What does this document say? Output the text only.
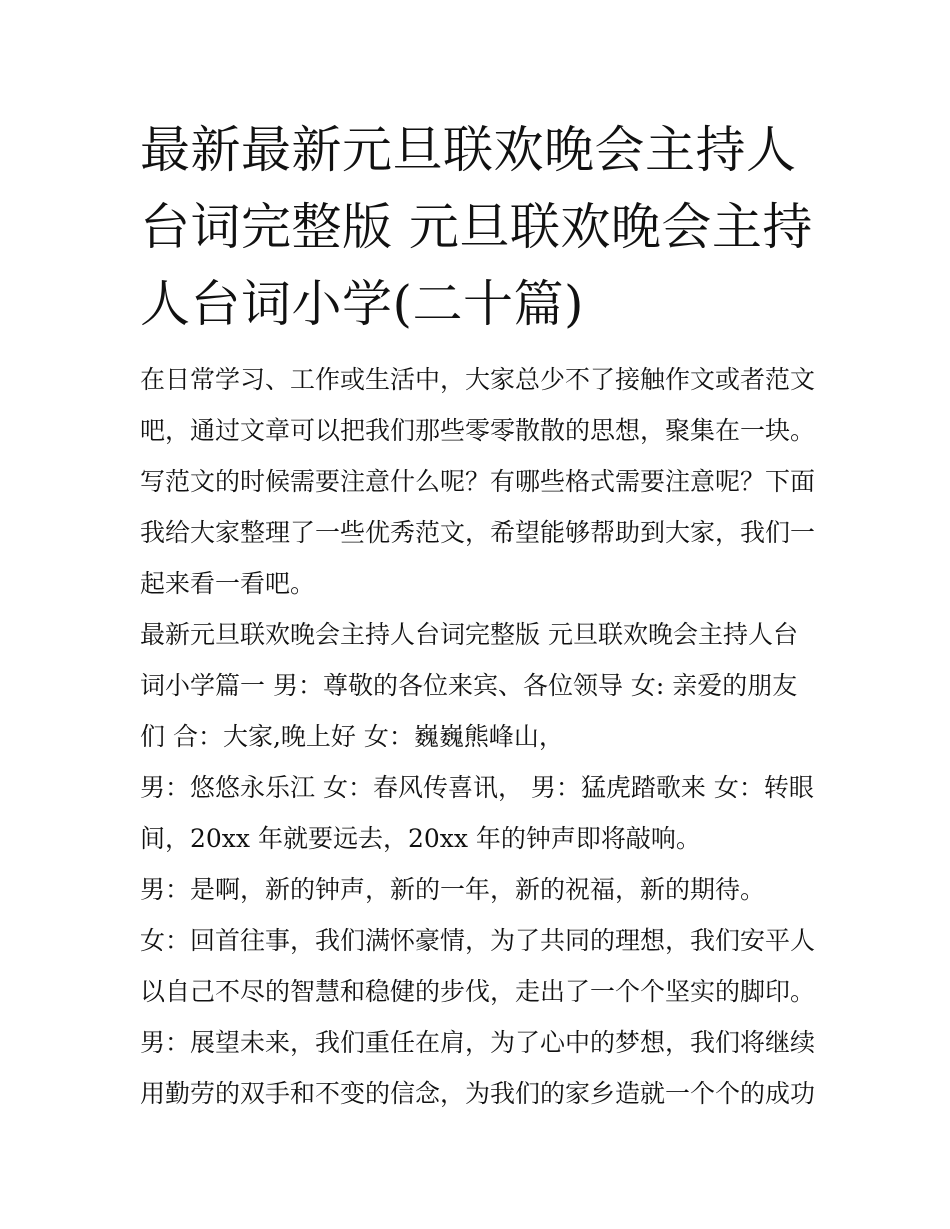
最新最新元旦联欢晚会主持人台词完整版 元旦联欢晚会主持人台词小学(二十篇)

在日常学习、工作或生活中，大家总少不了接触作文或者范文吧，通过文章可以把我们那些零零散散的思想，聚集在一块。写范文的时候需要注意什么呢？有哪些格式需要注意呢？下面我给大家整理了一些优秀范文，希望能够帮助到大家，我们一起来看一看吧。

最新元旦联欢晚会主持人台词完整版 元旦联欢晚会主持人台词小学篇一 男：尊敬的各位来宾、各位领导 女: 亲爱的朋友们 合：大家,晚上好 女：巍巍熊峰山，

男：悠悠永乐江 女：春风传喜讯， 男：猛虎踏歌来 女：转眼间，20xx 年就要远去，20xx 年的钟声即将敲响。

男：是啊，新的钟声，新的一年，新的祝福，新的期待。

女：回首往事，我们满怀豪情，为了共同的理想，我们安平人以自己不尽的智慧和稳健的步伐，走出了一个个坚实的脚印。

男：展望未来，我们重任在肩，为了心中的梦想，我们将继续用勤劳的双手和不变的信念，为我们的家乡造就一个个的成功
